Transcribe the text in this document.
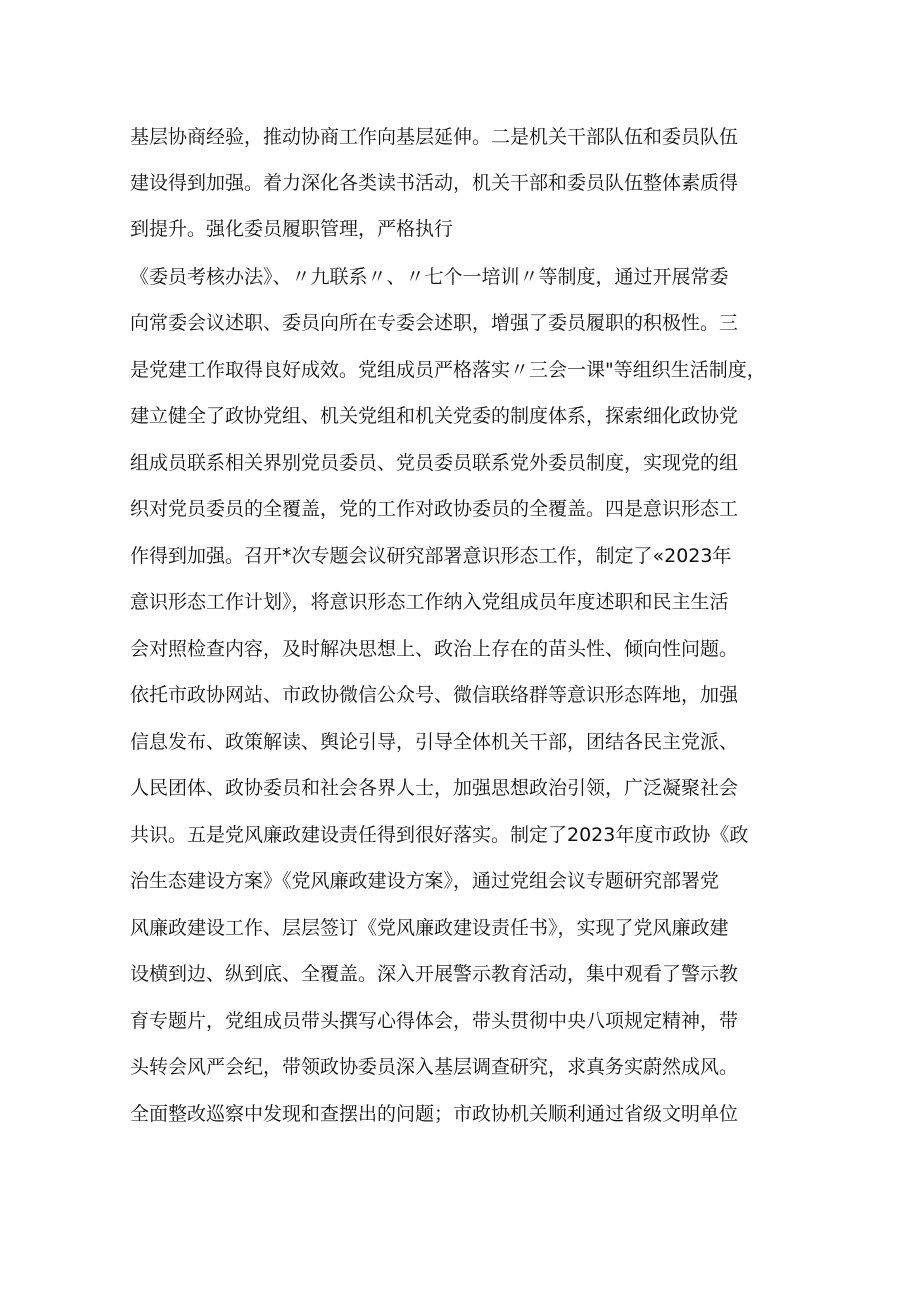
基层协商经验，推动协商工作向基层延伸。二是机关干部队伍和委员队伍
建设得到加强。着力深化各类读书活动，机关干部和委员队伍整体素质得
到提升。强化委员履职管理，严格执行
《委员考核办法》、〃九联系〃、〃七个一培训〃等制度，通过开展常委
向常委会议述职、委员向所在专委会述职，增强了委员履职的积极性。三
是党建工作取得良好成效。党组成员严格落实〃三会一课"等组织生活制度，
建立健全了政协党组、机关党组和机关党委的制度体系，探索细化政协党
组成员联系相关界别党员委员、党员委员联系党外委员制度，实现党的组
织对党员委员的全覆盖，党的工作对政协委员的全覆盖。四是意识形态工
作得到加强。召开*次专题会议研究部署意识形态工作，制定了«2023年
意识形态工作计划》，将意识形态工作纳入党组成员年度述职和民主生活
会对照检查内容，及时解决思想上、政治上存在的苗头性、倾向性问题。
依托市政协网站、市政协微信公众号、微信联络群等意识形态阵地，加强
信息发布、政策解读、舆论引导，引导全体机关干部，团结各民主党派、
人民团体、政协委员和社会各界人士，加强思想政治引领，广泛凝聚社会
共识。五是党风廉政建设责任得到很好落实。制定了2023年度市政协《政
治生态建设方案》《党风廉政建设方案》，通过党组会议专题研究部署党
风廉政建设工作、层层签订《党风廉政建设责任书》，实现了党风廉政建
设横到边、纵到底、全覆盖。深入开展警示教育活动，集中观看了警示教
育专题片，党组成员带头撰写心得体会，带头贯彻中央八项规定精神，带
头转会风严会纪，带领政协委员深入基层调查研究，求真务实蔚然成风。
全面整改巡察中发现和查摆出的问题；市政协机关顺利通过省级文明单位
